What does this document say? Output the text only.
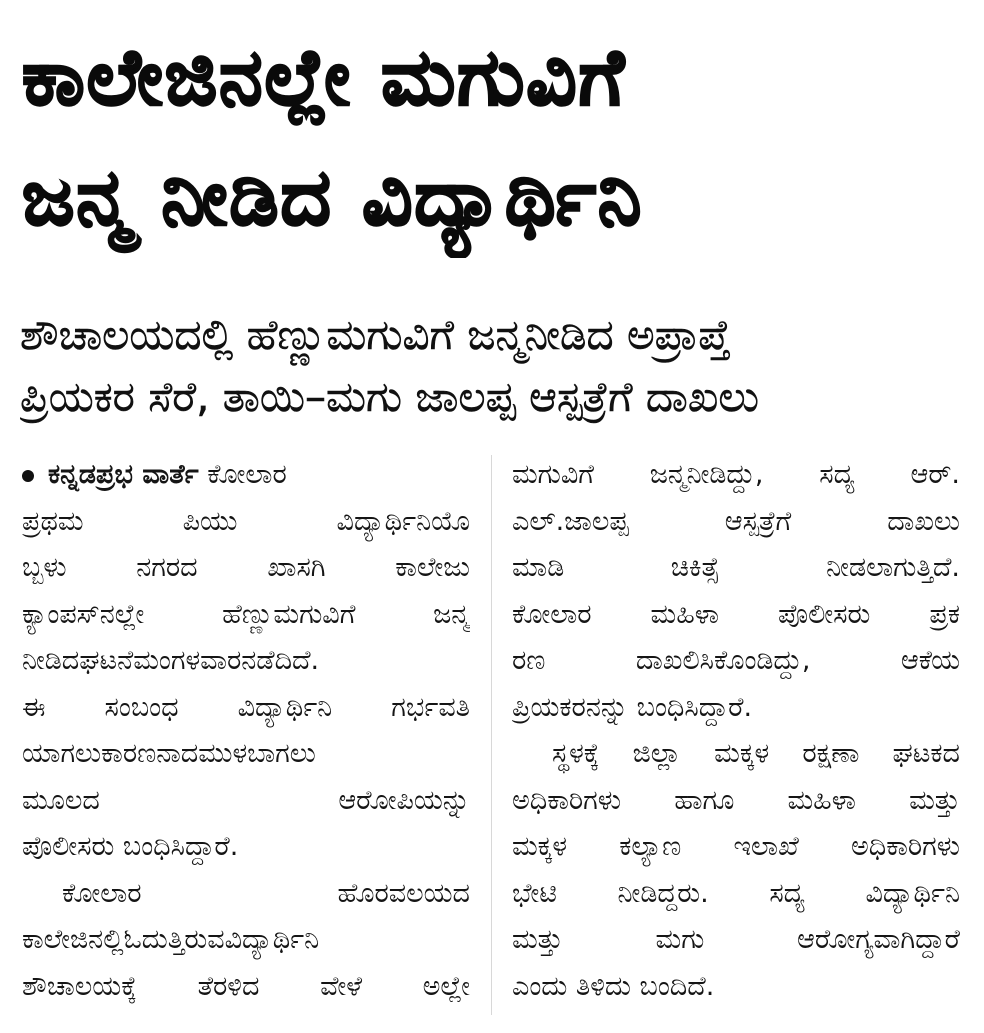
ಕಾಲೇಜಿನಲ್ಲೇ ಮಗುವಿಗೆ
ಜನ್ಮ ನೀಡಿದ ವಿದ್ಯಾರ್ಥಿನಿ
ಶೌಚಾಲಯದಲ್ಲಿ ಹೆಣ್ಣುಮಗುವಿಗೆ ಜನ್ಮನೀಡಿದ ಅಪ್ರಾಪ್ತೆ
ಪ್ರಿಯಕರ ಸೆರೆ, ತಾಯಿ–ಮಗು ಜಾಲಪ್ಪ ಆಸ್ಪತ್ರೆಗೆ ದಾಖಲು
ಕನ್ನಡಪ್ರಭ ವಾರ್ತೆ ಕೋಲಾರ
ಪ್ರಥಮ ಪಿಯು ವಿದ್ಯಾರ್ಥಿನಿಯೊ
ಬ್ಬಳು ನಗರದ ಖಾಸಗಿ ಕಾಲೇಜು
ಕ್ಯಾಂಪಸ್‌ನಲ್ಲೇ ಹೆಣ್ಣುಮಗುವಿಗೆ ಜನ್ಮ
ನೀಡಿದಘಟನೆಮಂಗಳವಾರನಡೆದಿದೆ.
ಈ ಸಂಬಂಧ ವಿದ್ಯಾರ್ಥಿನಿ ಗರ್ಭವತಿ
ಯಾಗಲುಕಾರಣನಾದಮುಳಬಾಗಲು
ಮೂಲದ ಆರೋಪಿಯನ್ನು
ಪೊಲೀಸರು ಬಂಧಿಸಿದ್ದಾರೆ.
ಕೋಲಾರ ಹೊರವಲಯದ
ಕಾಲೇಜಿನಲ್ಲಿಓದುತ್ತಿರುವವಿದ್ಯಾರ್ಥಿನಿ
ಶೌಚಾಲಯಕ್ಕೆ ತೆರಳಿದ ವೇಳೆ ಅಲ್ಲೇ
ಮಗುವಿಗೆ ಜನ್ಮನೀಡಿದ್ದು, ಸದ್ಯ ಆರ್.
ಎಲ್.ಜಾಲಪ್ಪ ಆಸ್ಪತ್ರೆಗೆ ದಾಖಲು
ಮಾಡಿ ಚಿಕಿತ್ಸೆ ನೀಡಲಾಗುತ್ತಿದೆ.
ಕೋಲಾರ ಮಹಿಳಾ ಪೊಲೀಸರು ಪ್ರಕ
ರಣ ದಾಖಲಿಸಿಕೊಂಡಿದ್ದು, ಆಕೆಯ
ಪ್ರಿಯಕರನನ್ನು ಬಂಧಿಸಿದ್ದಾರೆ.
ಸ್ಥಳಕ್ಕೆ ಜಿಲ್ಲಾ ಮಕ್ಕಳ ರಕ್ಷಣಾ ಘಟಕದ
ಅಧಿಕಾರಿಗಳು ಹಾಗೂ ಮಹಿಳಾ ಮತ್ತು
ಮಕ್ಕಳ ಕಲ್ಯಾಣ ಇಲಾಖೆ ಅಧಿಕಾರಿಗಳು
ಭೇಟಿ ನೀಡಿದ್ದರು. ಸದ್ಯ ವಿದ್ಯಾರ್ಥಿನಿ
ಮತ್ತು ಮಗು ಆರೋಗ್ಯವಾಗಿದ್ದಾರೆ
ಎಂದು ತಿಳಿದು ಬಂದಿದೆ.
